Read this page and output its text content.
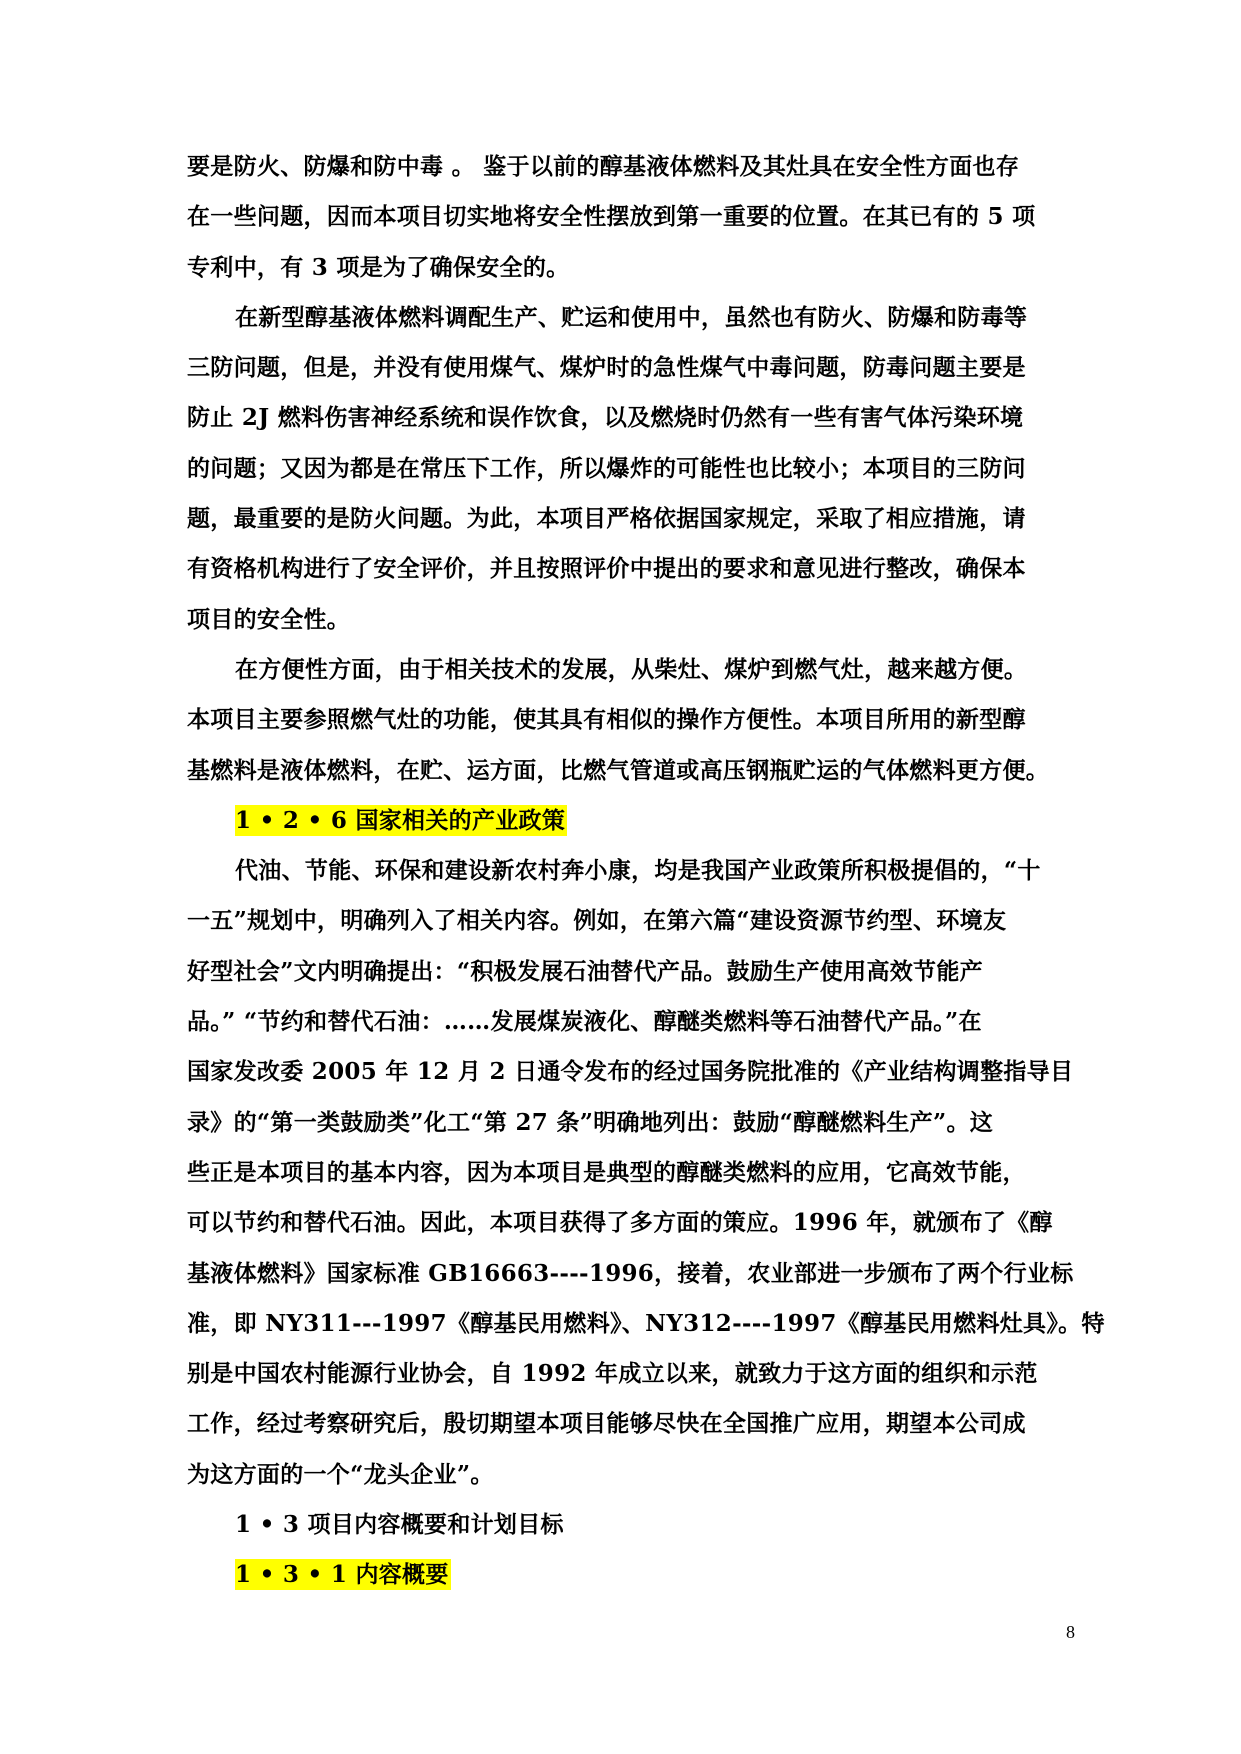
要是防火、防爆和防中毒 。 鉴于以前的醇基液体燃料及其灶具在安全性方面也存
在一些问题，因而本项目切实地将安全性摆放到第一重要的位置。在其已有的 5 项
专利中，有 3 项是为了确保安全的。
在新型醇基液体燃料调配生产、贮运和使用中，虽然也有防火、防爆和防毒等
三防问题，但是，并没有使用煤气、煤炉时的急性煤气中毒问题，防毒问题主要是
防止 2J 燃料伤害神经系统和误作饮食，以及燃烧时仍然有一些有害气体污染环境
的问题；又因为都是在常压下工作，所以爆炸的可能性也比较小；本项目的三防问
题，最重要的是防火问题。为此，本项目严格依据国家规定，采取了相应措施，请
有资格机构进行了安全评价，并且按照评价中提出的要求和意见进行整改，确保本
项目的安全性。
在方便性方面，由于相关技术的发展，从柴灶、煤炉到燃气灶，越来越方便。
本项目主要参照燃气灶的功能，使其具有相似的操作方便性。本项目所用的新型醇
基燃料是液体燃料，在贮、运方面，比燃气管道或高压钢瓶贮运的气体燃料更方便。
1 • 2 • 6 国家相关的产业政策
代油、节能、环保和建设新农村奔小康，均是我国产业政策所积极提倡的，“十
一五”规划中，明确列入了相关内容。例如，在第六篇“建设资源节约型、环境友
好型社会”文内明确提出：“积极发展石油替代产品。鼓励生产使用高效节能产
品。” “节约和替代石油：……发展煤炭液化、醇醚类燃料等石油替代产品。”在
国家发改委 2005 年 12 月 2 日通令发布的经过国务院批准的《产业结构调整指导目
录》的“第一类鼓励类”化工“第 27 条”明确地列出：鼓励“醇醚燃料生产”。这
些正是本项目的基本内容，因为本项目是典型的醇醚类燃料的应用，它高效节能，
可以节约和替代石油。因此，本项目获得了多方面的策应。1996 年，就颁布了《醇
基液体燃料》国家标准 GB16663----1996，接着，农业部进一步颁布了两个行业标
准，即 NY311---1997《醇基民用燃料》、NY312----1997《醇基民用燃料灶具》。特
别是中国农村能源行业协会，自 1992 年成立以来，就致力于这方面的组织和示范
工作，经过考察研究后，殷切期望本项目能够尽快在全国推广应用，期望本公司成
为这方面的一个“龙头企业”。
1 • 3 项目内容概要和计划目标
1 • 3 • 1 内容概要
8
